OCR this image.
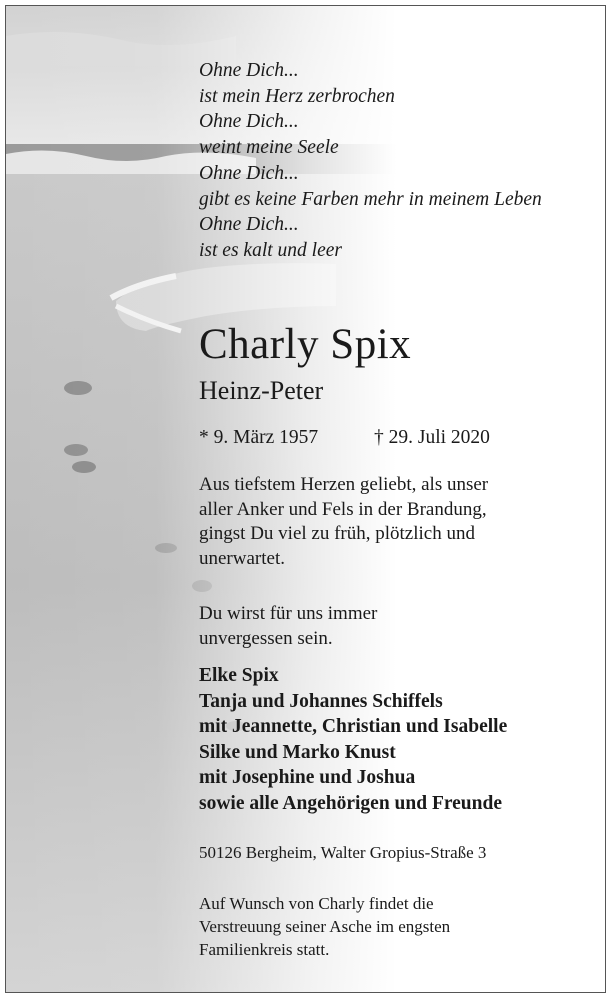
Ohne Dich...
ist mein Herz zerbrochen
Ohne Dich...
weint meine Seele
Ohne Dich...
gibt es keine Farben mehr in meinem Leben
Ohne Dich...
ist es kalt und leer
Charly Spix
Heinz-Peter
* 9. März 1957	† 29. Juli 2020
Aus tiefstem Herzen geliebt, als unser
aller Anker und Fels in der Brandung,
gingst Du viel zu früh, plötzlich und
unerwartet.
Du wirst für uns immer
unvergessen sein.
Elke Spix
Tanja und Johannes Schiffels
mit Jeannette, Christian und Isabelle
Silke und Marko Knust
mit Josephine und Joshua
sowie alle Angehörigen und Freunde
50126 Bergheim, Walter Gropius-Straße 3
Auf Wunsch von Charly findet die
Verstreuung seiner Asche im engsten
Familienkreis statt.
